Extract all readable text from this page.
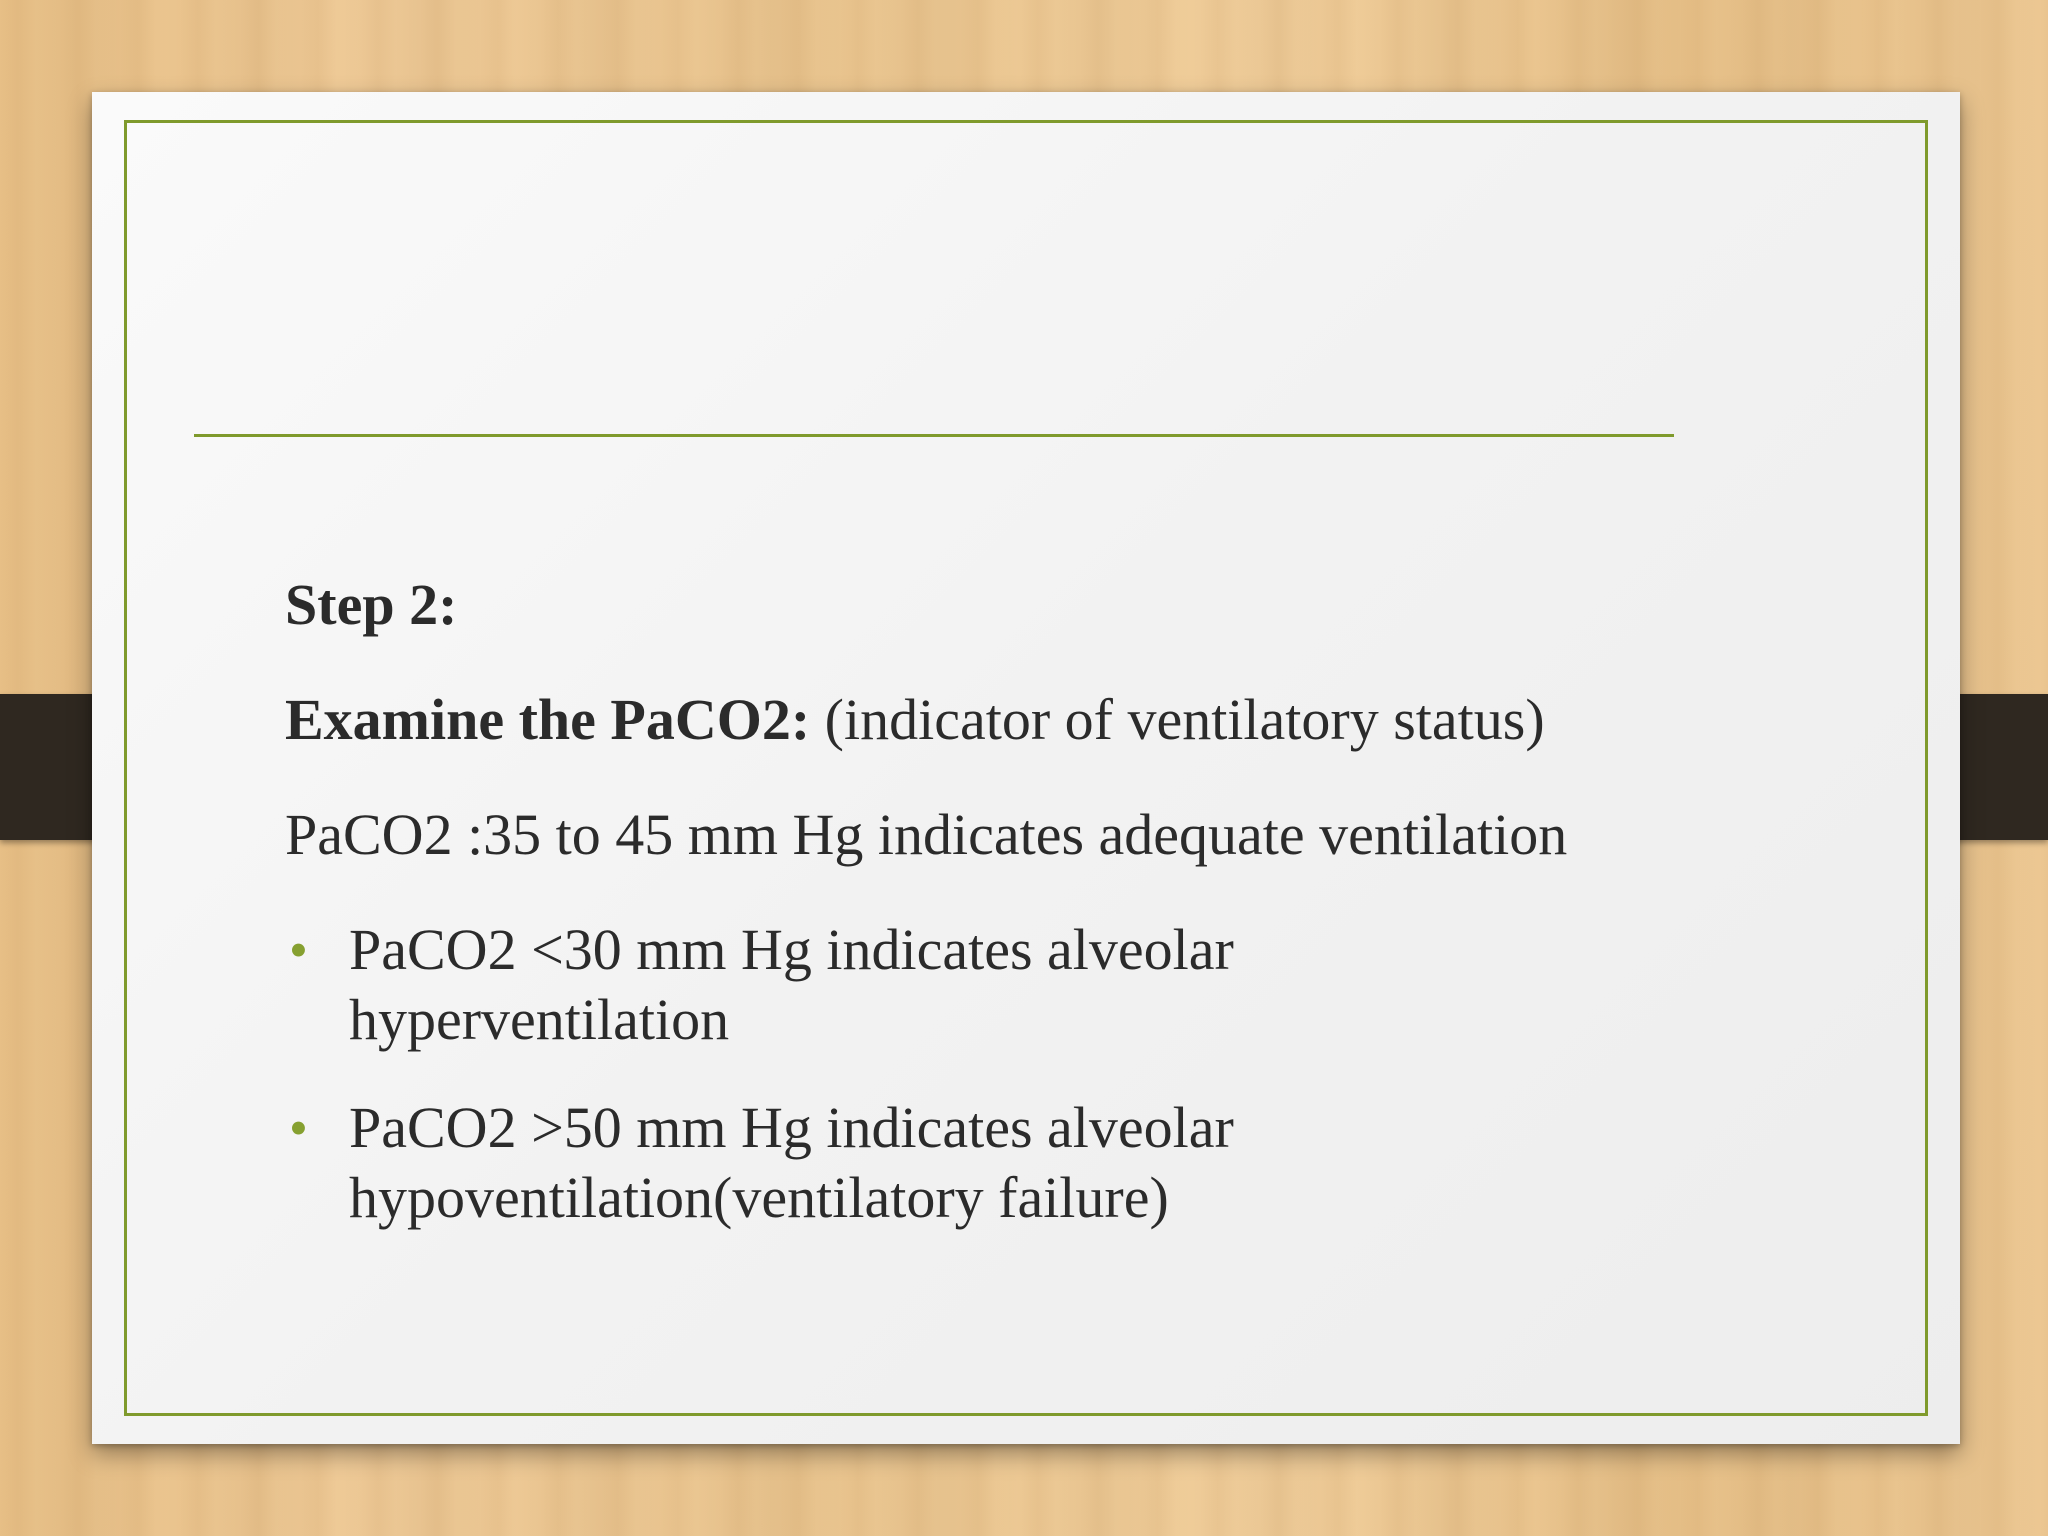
Step 2:
Examine the PaCO2: (indicator of ventilatory status)
PaCO2 :35 to 45 mm Hg indicates adequate ventilation
• PaCO2 <30 mm Hg indicates alveolar hyperventilation
• PaCO2 >50 mm Hg indicates alveolar hypoventilation(ventilatory failure)
